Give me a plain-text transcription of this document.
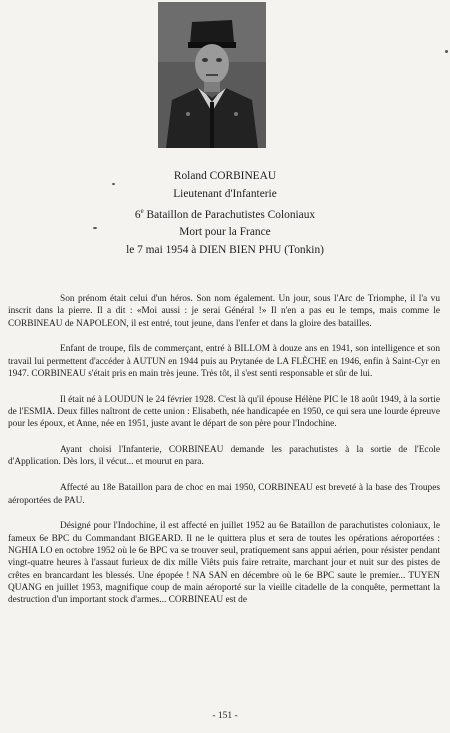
Roland CORBINEAU
Lieutenant d'Infanterie
6e Bataillon de Parachutistes Coloniaux
Mort pour la France
le 7 mai 1954 à DIEN BIEN PHU (Tonkin)

Son prénom était celui d'un héros. Son nom également. Un jour, sous l'Arc de Triomphe, il l'a vu inscrit dans la pierre. Il a dit : «Moi aussi : je serai Général !» Il n'en a pas eu le temps, mais comme le CORBINEAU de NAPOLEON, il est entré, tout jeune, dans l'enfer et dans la gloire des batailles.

Enfant de troupe, fils de commerçant, entré à BILLOM à douze ans en 1941, son intelligence et son travail lui permettent d'accéder à AUTUN en 1944 puis au Prytanée de LA FLÈCHE en 1946, enfin à Saint-Cyr en 1947. CORBINEAU s'était pris en main très jeune. Très tôt, il s'est senti responsable et sûr de lui.

Il était né à LOUDUN le 24 février 1928. C'est là qu'il épouse Hélène PIC le 18 août 1949, à la sortie de l'ESMIA. Deux filles naîtront de cette union : Elisabeth, née handicapée en 1950, ce qui sera une lourde épreuve pour les époux, et Anne, née en 1951, juste avant le départ de son père pour l'Indochine.

Ayant choisi l'Infanterie, CORBINEAU demande les parachutistes à la sortie de l'Ecole d'Application. Dès lors, il vécut... et mourut en para.

Affecté au 18e Bataillon para de choc en mai 1950, CORBINEAU est breveté à la base des Troupes aéroportées de PAU.

Désigné pour l'Indochine, il est affecté en juillet 1952 au 6e Bataillon de parachutistes coloniaux, le fameux 6e BPC du Commandant BIGEARD. Il ne le quittera plus et sera de toutes les opérations aéroportées : NGHIA LO en octobre 1952 où le 6e BPC va se trouver seul, pratiquement sans appui aérien, pour résister pendant vingt-quatre heures à l'assaut furieux de dix mille Viêts puis faire retraite, marchant jour et nuit sur des pistes de crêtes en brancardant les blessés. Une épopée ! NA SAN en décembre où le 6e BPC saute le premier... TUYEN QUANG en juillet 1953, magnifique coup de main aéroporté sur la vieille citadelle de la conquête, permettant la destruction d'un important stock d'armes... CORBINEAU est de

- 151 -
